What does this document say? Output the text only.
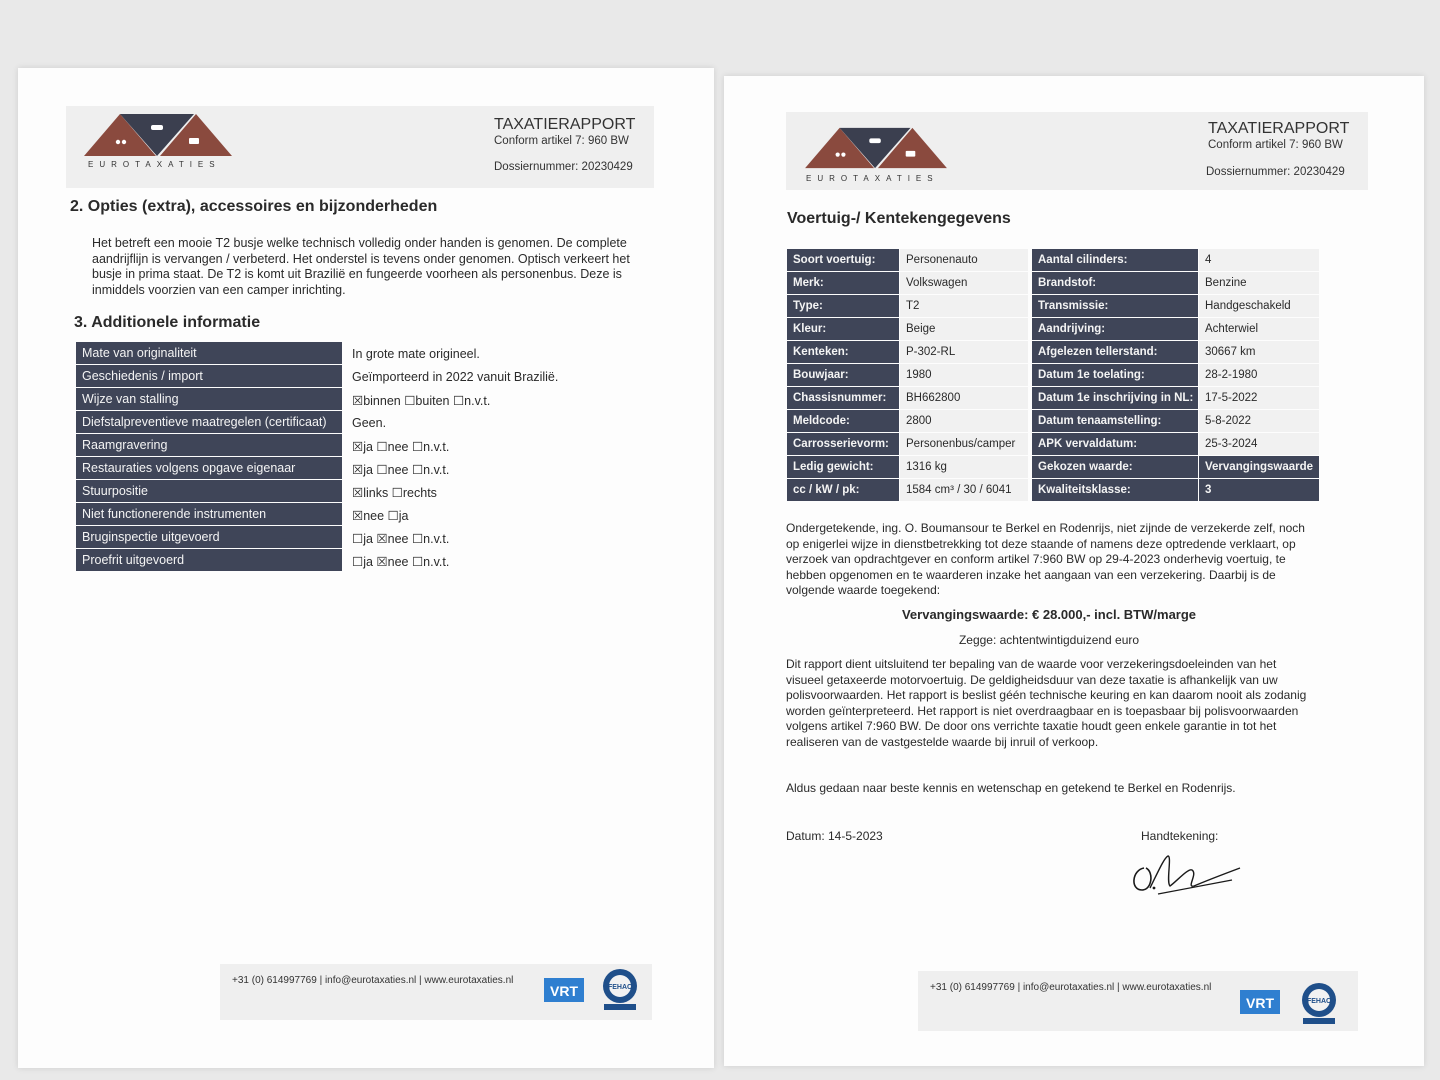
EUROTAXATIES
TAXATIERAPPORT
Conform artikel 7: 960 BW
Dossiernummer: 20230429
2. Opties (extra), accessoires en bijzonderheden
Het betreft een mooie T2 busje welke technisch volledig onder handen is genomen. De complete
aandrijflijn is vervangen / verbeterd. Het onderstel is tevens onder genomen. Optisch verkeert het
busje in prima staat. De T2 is komt uit Brazilië en fungeerde voorheen als personenbus. Deze is
inmiddels voorzien van een camper inrichting.
3. Additionele informatie
Mate van originaliteit	In grote mate origineel.
Geschiedenis / import	Geïmporteerd in 2022 vanuit Brazilië.
Wijze van stalling	☒binnen ☐buiten ☐n.v.t.
Diefstalpreventieve maatregelen (certificaat)	Geen.
Raamgravering	☒ja ☐nee ☐n.v.t.
Restauraties volgens opgave eigenaar	☒ja ☐nee ☐n.v.t.
Stuurpositie	☒links ☐rechts
Niet functionerende instrumenten	☒nee ☐ja
Bruginspectie uitgevoerd	☐ja ☒nee ☐n.v.t.
Proefrit uitgevoerd	☐ja ☒nee ☐n.v.t.
+31 (0) 614997769 | info@eurotaxaties.nl | www.eurotaxaties.nl
VRT	FEHAC
EUROTAXATIES
TAXATIERAPPORT
Conform artikel 7: 960 BW
Dossiernummer: 20230429
Voertuig-/ Kentekengegevens
Soort voertuig:	Personenauto	Aantal cilinders:	4
Merk:	Volkswagen	Brandstof:	Benzine
Type:	T2	Transmissie:	Handgeschakeld
Kleur:	Beige	Aandrijving:	Achterwiel
Kenteken:	P-302-RL	Afgelezen tellerstand:	30667 km
Bouwjaar:	1980	Datum 1e toelating:	28-2-1980
Chassisnummer:	BH662800	Datum 1e inschrijving in NL:	17-5-2022
Meldcode:	2800	Datum tenaamstelling:	5-8-2022
Carrosserievorm:	Personenbus/camper	APK vervaldatum:	25-3-2024
Ledig gewicht:	1316 kg	Gekozen waarde:	Vervangingswaarde
cc / kW / pk:	1584 cm³ / 30 / 6041	Kwaliteitsklasse:	3
Ondergetekende, ing. O. Boumansour te Berkel en Rodenrijs, niet zijnde de verzekerde zelf, noch
op enigerlei wijze in dienstbetrekking tot deze staande of namens deze optredende verklaart, op
verzoek van opdrachtgever en conform artikel 7:960 BW op 29-4-2023 onderhevig voertuig, te
hebben opgenomen en te waarderen inzake het aangaan van een verzekering. Daarbij is de
volgende waarde toegekend:
Vervangingswaarde: € 28.000,- incl. BTW/marge
Zegge: achtentwintigduizend euro
Dit rapport dient uitsluitend ter bepaling van de waarde voor verzekeringsdoeleinden van het
visueel getaxeerde motorvoertuig. De geldigheidsduur van deze taxatie is afhankelijk van uw
polisvoorwaarden. Het rapport is beslist géén technische keuring en kan daarom nooit als zodanig
worden geïnterpreteerd. Het rapport is niet overdraagbaar en is toepasbaar bij polisvoorwaarden
volgens artikel 7:960 BW. De door ons verrichte taxatie houdt geen enkele garantie in tot het
realiseren van de vastgestelde waarde bij inruil of verkoop.
Aldus gedaan naar beste kennis en wetenschap en getekend te Berkel en Rodenrijs.
Datum: 14-5-2023	Handtekening:
+31 (0) 614997769 | info@eurotaxaties.nl | www.eurotaxaties.nl
VRT	FEHAC
